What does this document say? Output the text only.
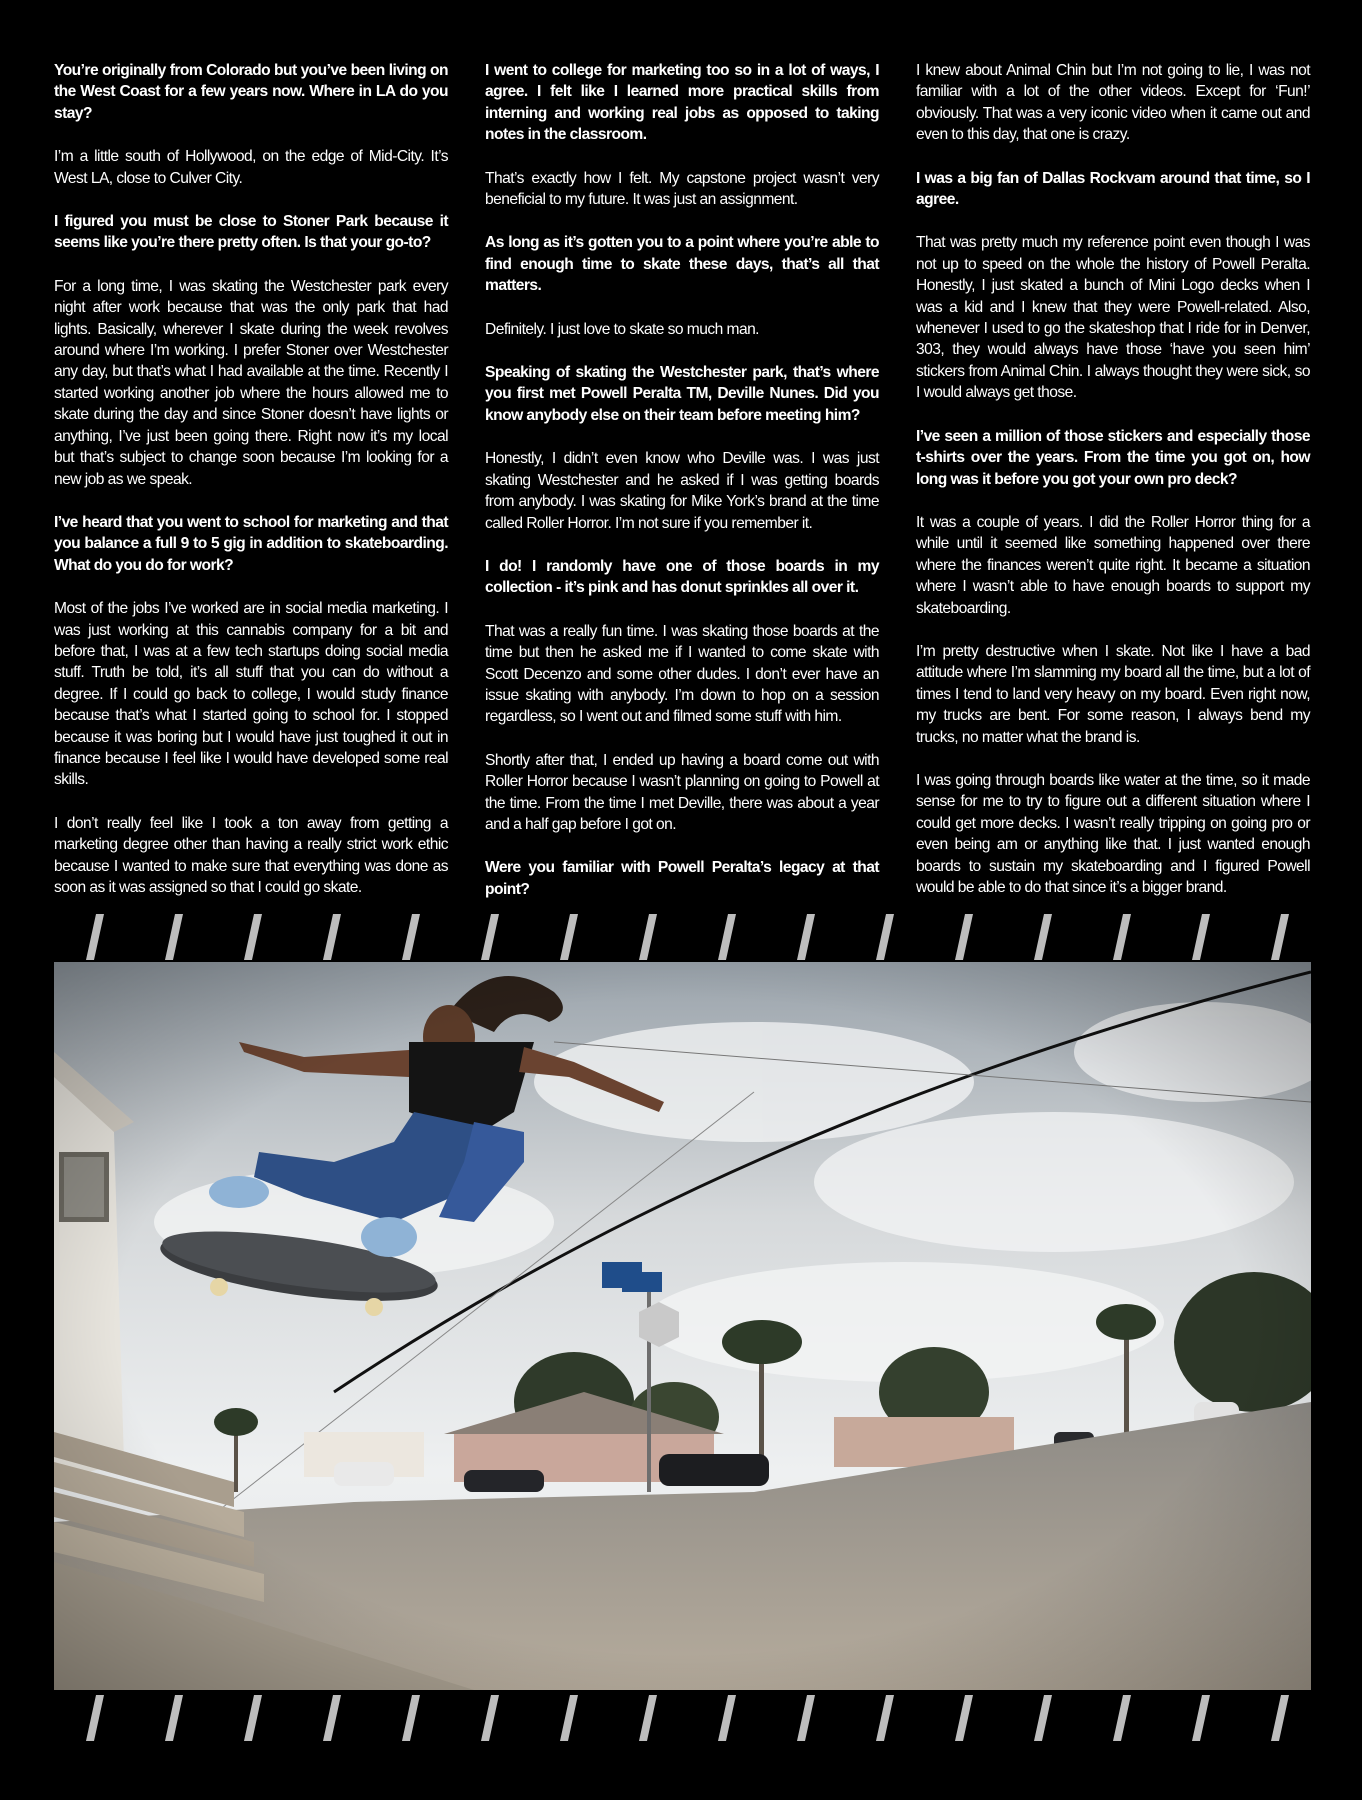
You’re originally from Colorado but you’ve been living on the West Coast for a few years now. Where in LA do you stay?

I’m a little south of Hollywood, on the edge of Mid-City. It’s West LA, close to Culver City.

I figured you must be close to Stoner Park because it seems like you’re there pretty often. Is that your go-to?

For a long time, I was skating the Westchester park every night after work because that was the only park that had lights. Basically, wherever I skate during the week revolves around where I’m working. I prefer Stoner over Westchester any day, but that’s what I had available at the time. Recently I started working another job where the hours allowed me to skate during the day and since Stoner doesn’t have lights or anything, I’ve just been going there. Right now it’s my local but that’s subject to change soon because I’m looking for a new job as we speak.

I’ve heard that you went to school for marketing and that you balance a full 9 to 5 gig in addition to skateboarding. What do you do for work?

Most of the jobs I’ve worked are in social media marketing. I was just working at this cannabis company for a bit and before that, I was at a few tech startups doing social media stuff. Truth be told, it’s all stuff that you can do without a degree. If I could go back to college, I would study finance because that’s what I started going to school for. I stopped because it was boring but I would have just toughed it out in finance because I feel like I would have developed some real skills.

I don’t really feel like I took a ton away from getting a marketing degree other than having a really strict work ethic because I wanted to make sure that everything was done as soon as it was assigned so that I could go skate.

I went to college for marketing too so in a lot of ways, I agree. I felt like I learned more practical skills from interning and working real jobs as opposed to taking notes in the classroom.

That’s exactly how I felt. My capstone project wasn’t very beneficial to my future. It was just an assignment.

As long as it’s gotten you to a point where you’re able to find enough time to skate these days, that’s all that matters.

Definitely. I just love to skate so much man.

Speaking of skating the Westchester park, that’s where you first met Powell Peralta TM, Deville Nunes. Did you know anybody else on their team before meeting him?

Honestly, I didn’t even know who Deville was. I was just skating Westchester and he asked if I was getting boards from anybody. I was skating for Mike York’s brand at the time called Roller Horror. I’m not sure if you remember it.

I do! I randomly have one of those boards in my collection - it’s pink and has donut sprinkles all over it.

That was a really fun time. I was skating those boards at the time but then he asked me if I wanted to come skate with Scott Decenzo and some other dudes. I don’t ever have an issue skating with anybody. I’m down to hop on a session regardless, so I went out and filmed some stuff with him.

Shortly after that, I ended up having a board come out with Roller Horror because I wasn’t planning on going to Powell at the time. From the time I met Deville, there was about a year and a half gap before I got on.

Were you familiar with Powell Peralta’s legacy at that point?

I knew about Animal Chin but I’m not going to lie, I was not familiar with a lot of the other videos. Except for ‘Fun!’ obviously. That was a very iconic video when it came out and even to this day, that one is crazy.

I was a big fan of Dallas Rockvam around that time, so I agree.

That was pretty much my reference point even though I was not up to speed on the whole the history of Powell Peralta. Honestly, I just skated a bunch of Mini Logo decks when I was a kid and I knew that they were Powell-related. Also, whenever I used to go the skateshop that I ride for in Denver, 303, they would always have those ‘have you seen him’ stickers from Animal Chin. I always thought they were sick, so I would always get those.

I’ve seen a million of those stickers and especially those t-shirts over the years. From the time you got on, how long was it before you got your own pro deck?

It was a couple of years. I did the Roller Horror thing for a while until it seemed like something happened over there where the finances weren’t quite right. It became a situation where I wasn’t able to have enough boards to support my skateboarding.

I’m pretty destructive when I skate. Not like I have a bad attitude where I’m slamming my board all the time, but a lot of times I tend to land very heavy on my board. Even right now, my trucks are bent. For some reason, I always bend my trucks, no matter what the brand is.

I was going through boards like water at the time, so it made sense for me to try to figure out a different situation where I could get more decks. I wasn’t really tripping on going pro or even being am or anything like that. I just wanted enough boards to sustain my skateboarding and I figured Powell would be able to do that since it’s a bigger brand.
